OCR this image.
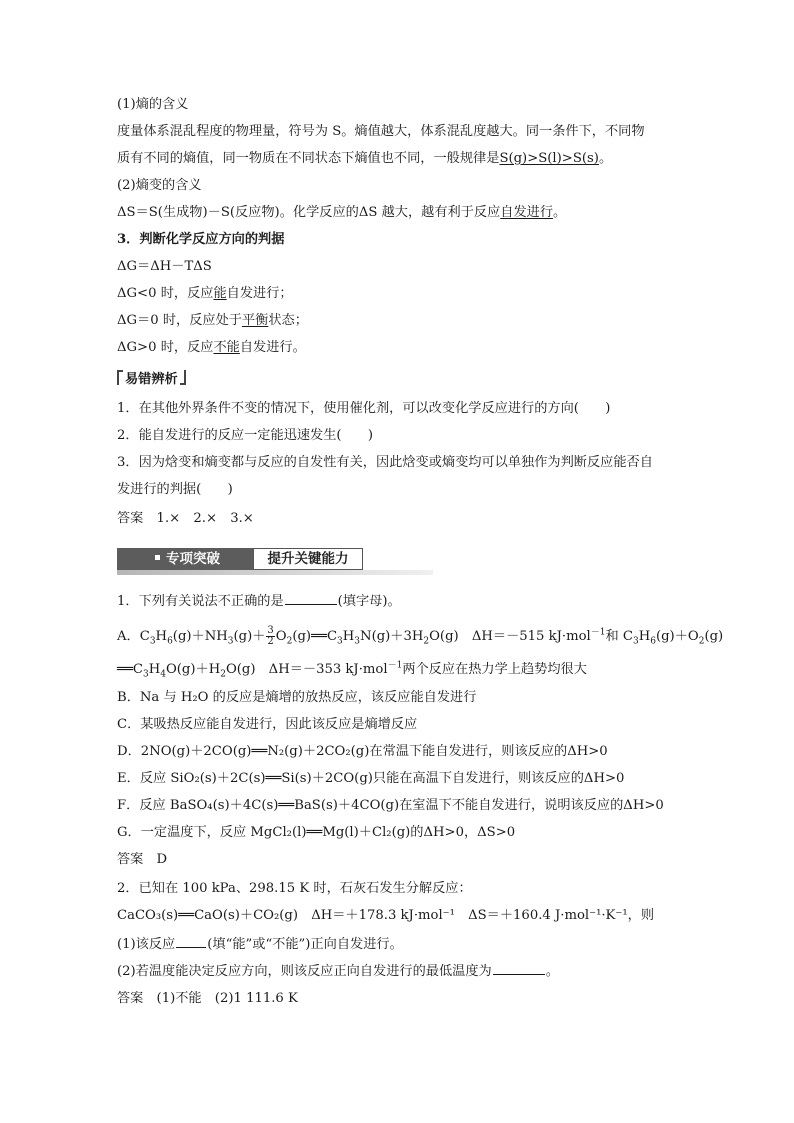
(1)熵的含义
度量体系混乱程度的物理量，符号为 S。熵值越大，体系混乱度越大。同一条件下，不同物
质有不同的熵值，同一物质在不同状态下熵值也不同，一般规律是S(g)>S(l)>S(s)。
(2)熵变的含义
ΔS＝S(生成物)－S(反应物)。化学反应的ΔS 越大，越有利于反应自发进行。
3．判断化学反应方向的判据
ΔG＝ΔH－TΔS
ΔG<0 时，反应能自发进行；
ΔG＝0 时，反应处于平衡状态；
ΔG>0 时，反应不能自发进行。
易错辨析
1．在其他外界条件不变的情况下，使用催化剂，可以改变化学反应进行的方向(　　)
2．能自发进行的反应一定能迅速发生(　　)
3．因为焓变和熵变都与反应的自发性有关，因此焓变或熵变均可以单独作为判断反应能否自
发进行的判据(　　)
答案　1.×　2.×　3.×
专项突破	提升关键能力
1．下列有关说法不正确的是	(填字母)。
A．$C_3H_6(g)+NH_3(g)+ \frac{3}{2}$ $O_2(g)══C_3H_3N(g)+3H_2O(g)$　ΔH＝－515 kJ·mol$^{-1}$和 $C_3H_6(g)+O_2(g)$
$══C_3H_4O(g)+H_2O(g)$　ΔH＝－353 kJ·mol$^{-1}$两个反应在热力学上趋势均很大
B．Na 与 H₂O 的反应是熵增的放热反应，该反应能自发进行
C．某吸热反应能自发进行，因此该反应是熵增反应
D．2NO(g)＋2CO(g)══N₂(g)＋2CO₂(g)在常温下能自发进行，则该反应的ΔH>0
E．反应 SiO₂(s)＋2C(s)══Si(s)＋2CO(g)只能在高温下自发进行，则该反应的ΔH>0
F．反应 BaSO₄(s)＋4C(s)══BaS(s)＋4CO(g)在室温下不能自发进行，说明该反应的ΔH>0
G．一定温度下，反应 MgCl₂(l)══Mg(l)＋Cl₂(g)的ΔH>0，ΔS>0
答案　D
2．已知在 100 kPa、298.15 K 时，石灰石发生分解反应：
CaCO₃(s)══CaO(s)＋CO₂(g)　ΔH＝＋178.3 kJ·mol⁻¹　ΔS＝＋160.4 J·mol⁻¹·K⁻¹，则
(1)该反应 (填“能”或“不能”)正向自发进行。
(2)若温度能决定反应方向，则该反应正向自发进行的最低温度为	。
答案　(1)不能　(2)1 111.6 K
